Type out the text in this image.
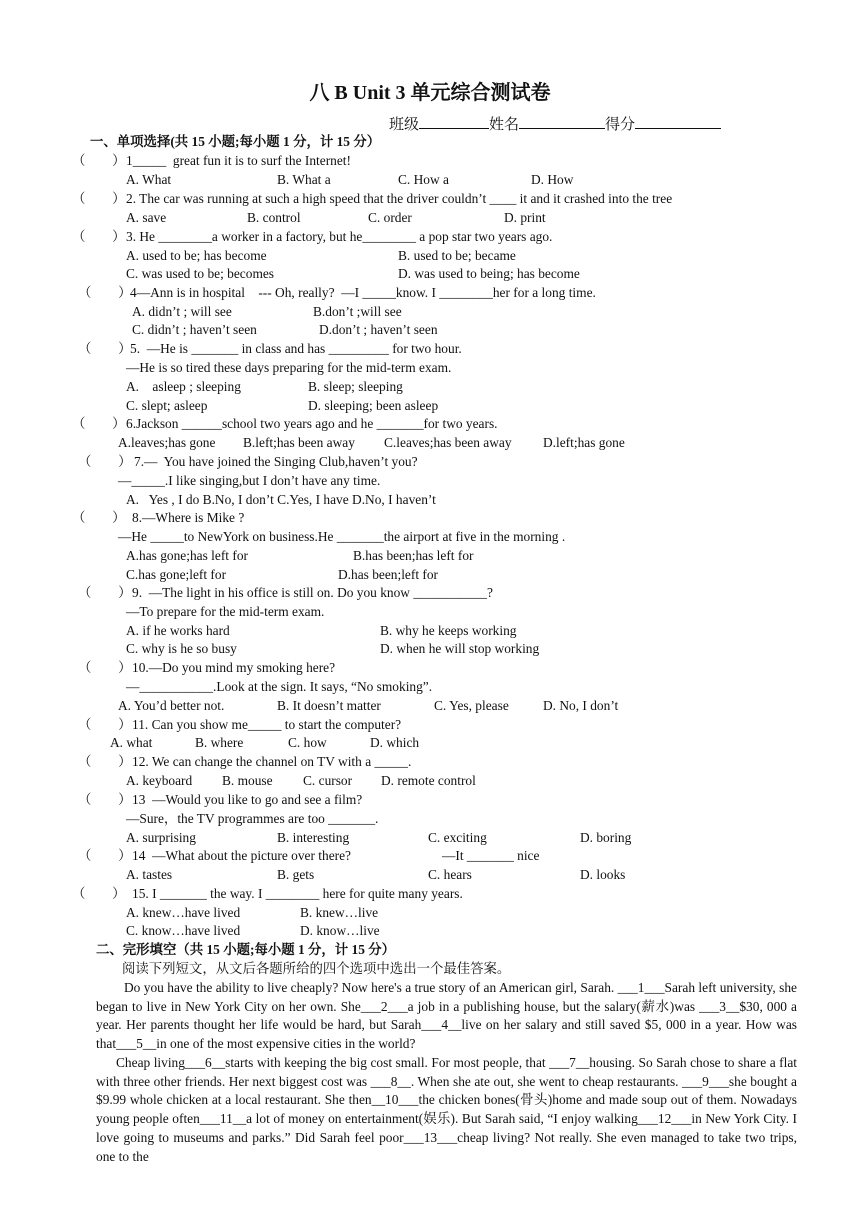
八 B Unit 3 单元综合测试卷
班级	姓名	得分
一、单项选择(共 15 小题;每小题 1 分，计 15 分）
（　　） 1_____  great fun it is to surf the Internet!
A. What	B. What a	C. How a	D. How
（　　） 2. The car was running at such a high speed that the driver couldn’t ____ it and it crashed into the tree
A. save	B. control	C. order	D. print
（　　） 3. He ________a worker in a factory, but he________ a pop star two years ago.
A. used to be; has become	B. used to be; became
C. was used to be; becomes	D. was used to being; has become
（　　）
4—Ann is in hospital    --- Oh, really?  —I _____know. I ________her for a long time.
A. didn’t ; will see	B.don’t ;will see
C. didn’t ; haven’t seen	D.don’t ; haven’t seen
（　　）
5.  —He is _______ in class and has _________ for two hour.
—He is so tired these days preparing for the mid-term exam.
A.    asleep ; sleeping	B. sleep; sleeping
C. slept; asleep	D. sleeping; been asleep
（　　） 6.Jackson ______school two years ago and he _______for two years.
A.leaves;has gone B.left;has been away C.leaves;has been away D.left;has gone
（　　） 7.—  You have joined the Singing Club,haven’t you?
—_____.I like singing,but I don’t have any time.
A.   Yes , I do B.No, I don’t C.Yes, I have D.No, I haven’t
（　　） 8.—Where is Mike ?
—He _____to NewYork on business.He _______the airport at five in the morning .
A.has gone;has left for	B.has been;has left for
C.has gone;left for	D.has been;left for
（　　） 9.  —The light in his office is still on. Do you know ___________?
—To prepare for the mid-term exam.
A. if he works hard	B. why he keeps working
C. why is he so busy	D. when he will stop working
（　　） 10.—Do you mind my smoking here?
—___________.Look at the sign. It says, “No smoking”.
A. You’d better not.	B. It doesn’t matter	C. Yes, please	D. No, I don’t
（　　） 11. Can you show me_____ to start the computer?
A. what	B. where	C. how	D. which
（　　） 12. We can change the channel on TV with a _____.
A. keyboard B. mouse C. cursor D. remote control
（　　） 13  —Would you like to go and see a film?
—Sure，the TV programmes are too _______.
A. surprising	B. interesting	C. exciting	D. boring
（　　） 14  —What about the picture over there?	—It _______ nice
A. tastes	B. gets	C. hears	D. looks
（　　） 15. I _______ the way. I ________ here for quite many years.
A. knew…have lived	B. knew…live
C. know…have lived	D. know…live
二、完形填空（共 15 小题;每小题 1 分，计 15 分）
阅读下列短文，从文后各题所给的四个选项中选出一个最佳答案。
Do you have the ability to live cheaply? Now here's a true story of an American girl, Sarah. ___1___Sarah left university, she began to live in New York City on her own. She___2___a job in a publishing house, but the salary(薪水)was ___3__$30, 000 a year. Her parents thought her life would be hard, but Sarah___4__live on her salary and still saved $5, 000 in a year. How was that___5__in one of the most expensive cities in the world?
Cheap living___6__starts with keeping the big cost small. For most people, that ___7__housing. So Sarah chose to share a flat with three other friends. Her next biggest cost was ___8__. When she ate out, she went to cheap restaurants. ___9___she bought a $9.99 whole chicken at a local restaurant. She then__10___the chicken bones(骨头)home and made soup out of them. Nowadays young people often___11__a lot of money on entertainment(娱乐). But Sarah said, “I enjoy walking___12___in New York City. I love going to museums and parks.” Did Sarah feel poor___13___cheap living? Not really. She even managed to take two trips, one to the
